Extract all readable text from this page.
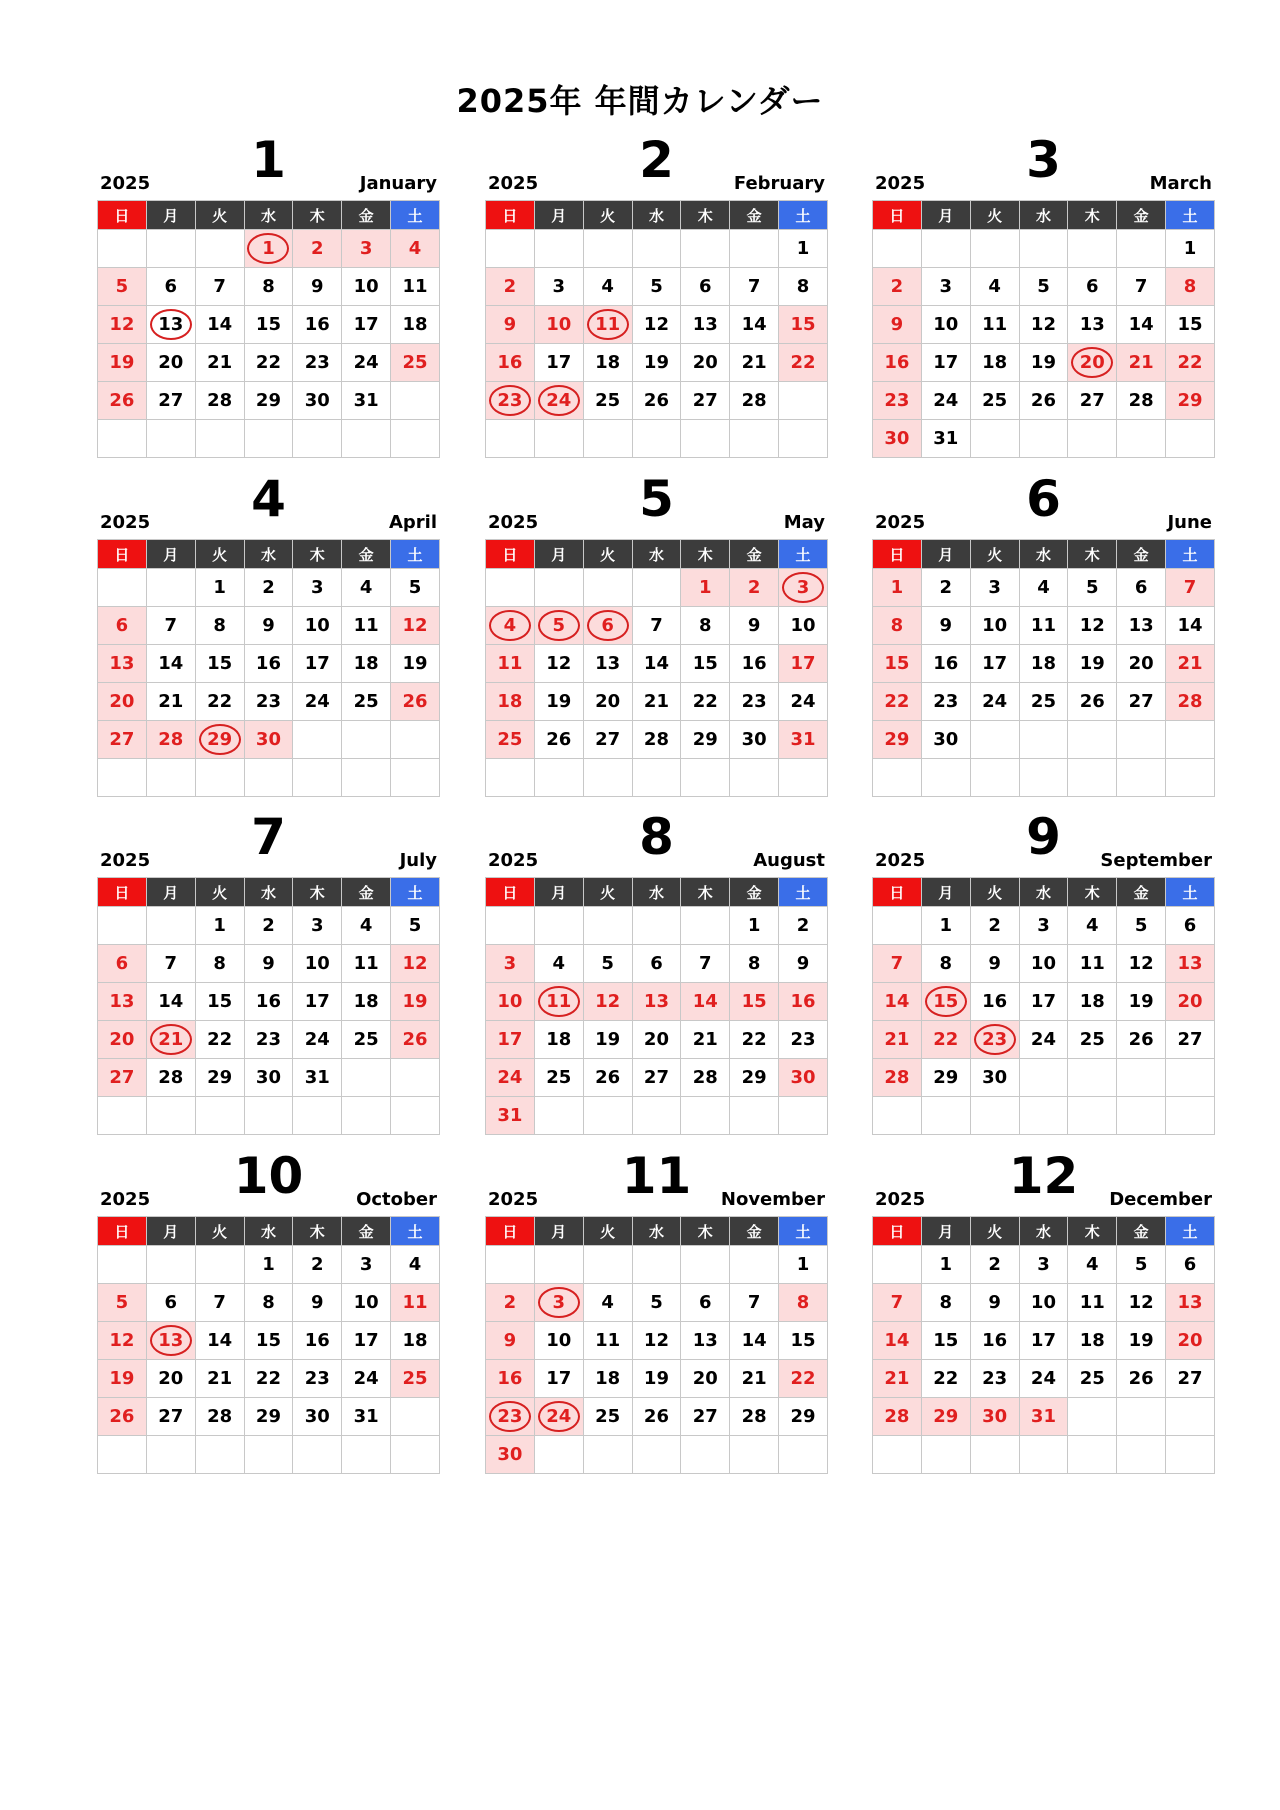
2025年 年間カレンダー
2025	1	January
日	月	火	水	木	金	土
			1	2	3	4
5	6	7	8	9	10	11
12	13	14	15	16	17	18
19	20	21	22	23	24	25
26	27	28	29	30	31	

2025	2	February
日	月	火	水	木	金	土
						1
2	3	4	5	6	7	8
9	10	11	12	13	14	15
16	17	18	19	20	21	22
23	24	25	26	27	28	

2025	3	March
日	月	火	水	木	金	土
						1
2	3	4	5	6	7	8
9	10	11	12	13	14	15
16	17	18	19	20	21	22
23	24	25	26	27	28	29
30	31					
2025	4	April
日	月	火	水	木	金	土
		1	2	3	4	5
6	7	8	9	10	11	12
13	14	15	16	17	18	19
20	21	22	23	24	25	26
27	28	29	30			

2025	5	May
日	月	火	水	木	金	土
				1	2	3
4	5	6	7	8	9	10
11	12	13	14	15	16	17
18	19	20	21	22	23	24
25	26	27	28	29	30	31

2025	6	June
日	月	火	水	木	金	土
1	2	3	4	5	6	7
8	9	10	11	12	13	14
15	16	17	18	19	20	21
22	23	24	25	26	27	28
29	30					

2025	7	July
日	月	火	水	木	金	土
		1	2	3	4	5
6	7	8	9	10	11	12
13	14	15	16	17	18	19
20	21	22	23	24	25	26
27	28	29	30	31		

2025	8	August
日	月	火	水	木	金	土
					1	2
3	4	5	6	7	8	9
10	11	12	13	14	15	16
17	18	19	20	21	22	23
24	25	26	27	28	29	30
31						
2025	9	September
日	月	火	水	木	金	土
	1	2	3	4	5	6
7	8	9	10	11	12	13
14	15	16	17	18	19	20
21	22	23	24	25	26	27
28	29	30				

2025	10	October
日	月	火	水	木	金	土
			1	2	3	4
5	6	7	8	9	10	11
12	13	14	15	16	17	18
19	20	21	22	23	24	25
26	27	28	29	30	31	

2025	11	November
日	月	火	水	木	金	土
						1
2	3	4	5	6	7	8
9	10	11	12	13	14	15
16	17	18	19	20	21	22
23	24	25	26	27	28	29
30						
2025	12	December
日	月	火	水	木	金	土
	1	2	3	4	5	6
7	8	9	10	11	12	13
14	15	16	17	18	19	20
21	22	23	24	25	26	27
28	29	30	31			
